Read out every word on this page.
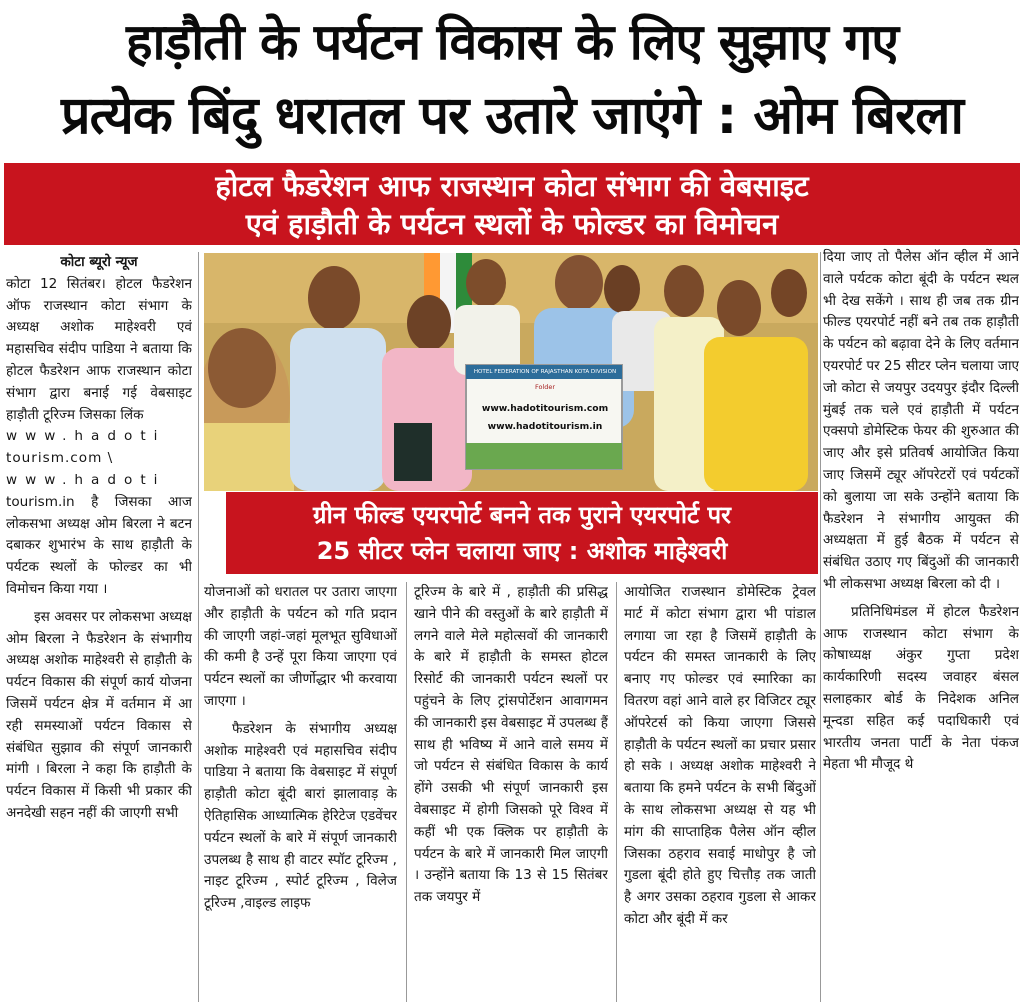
हाड़ौती के पर्यटन विकास के लिए सुझाए गए
प्रत्येक बिंदु धरातल पर उतारे जाएंगे : ओम बिरला
होटल फैडरेशन आफ राजस्थान कोटा संभाग की वेबसाइट
एवं हाड़ौती के पर्यटन स्थलों के फोल्डर का विमोचन
कोटा ब्यूरो न्यूज

कोटा 12 सितंबर। होटल फैडरेशन ऑफ राजस्थान कोटा संभाग के अध्यक्ष अशोक माहेश्वरी एवं महासचिव संदीप पाडिया ने बताया कि होटल फैडरेशन आफ राजस्थान कोटा संभाग द्वारा बनाई गई वेबसाइट हाड़ौती टूरिज्म जिसका लिंक
www.hadoti
tourism.com \
www.hadoti
tourism.in है जिसका आज लोकसभा अध्यक्ष ओम बिरला ने बटन दबाकर शुभारंभ के साथ हाड़ौती के पर्यटक स्थलों के फोल्डर का भी विमोचन किया गया ।

इस अवसर पर लोकसभा अध्यक्ष ओम बिरला ने फैडरेशन के संभागीय अध्यक्ष अशोक माहेश्वरी से हाड़ौती के पर्यटन विकास की संपूर्ण कार्य योजना जिसमें पर्यटन क्षेत्र में वर्तमान में आ रही समस्याओं पर्यटन विकास से संबंधित सुझाव की संपूर्ण जानकारी मांगी । बिरला ने कहा कि हाड़ौती के पर्यटन विकास में किसी भी प्रकार की अनदेखी सहन नहीं की जाएगी सभी

HOTEL FEDERATION OF RAJASTHAN KOTA DIVISION
Folder
www.hadotitourism.com
www.hadotitourism.in
ग्रीन फील्ड एयरपोर्ट बनने तक पुराने एयरपोर्ट पर
25 सीटर प्लेन चलाया जाए : अशोक माहेश्वरी

योजनाओं को धरातल पर उतारा जाएगा और हाड़ौती के पर्यटन को गति प्रदान की जाएगी जहां-जहां मूलभूत सुविधाओं की कमी है उन्हें पूरा किया जाएगा एवं पर्यटन स्थलों का जीर्णोद्धार भी करवाया जाएगा ।

फैडरेशन के संभागीय अध्यक्ष अशोक माहेश्वरी एवं महासचिव संदीप पाडिया ने बताया कि वेबसाइट में संपूर्ण हाड़ौती कोटा बूंदी बारां झालावाड़ के ऐतिहासिक आध्यात्मिक हेरिटेज एडवेंचर पर्यटन स्थलों के बारे में संपूर्ण जानकारी उपलब्ध है साथ ही वाटर स्पॉट टूरिज्म , नाइट टूरिज्म , स्पोर्ट टूरिज्म , विलेज टूरिज्म ,वाइल्ड लाइफ

टूरिज्म के बारे में , हाड़ौती की प्रसिद्ध खाने पीने की वस्तुओं के बारे हाड़ौती में लगने वाले मेले महोत्सवों की जानकारी के बारे में हाड़ौती के समस्त होटल रिसोर्ट की जानकारी पर्यटन स्थलों पर पहुंचने के लिए ट्रांसपोर्टेशन आवागमन की जानकारी इस वेबसाइट में उपलब्ध हैं साथ ही भविष्य में आने वाले समय में जो पर्यटन से संबंधित विकास के कार्य होंगे उसकी भी संपूर्ण जानकारी इस वेबसाइट में होगी जिसको पूरे विश्व में कहीं भी एक क्लिक पर हाड़ौती के पर्यटन के बारे में जानकारी मिल जाएगी । उन्होंने बताया कि 13 से 15 सितंबर तक जयपुर में

आयोजित राजस्थान डोमेस्टिक ट्रेवल मार्ट में कोटा संभाग द्वारा भी पांडाल लगाया जा रहा है जिसमें हाड़ौती के पर्यटन की समस्त जानकारी के लिए बनाए गए फोल्डर एवं स्मारिका का वितरण वहां आने वाले हर विजिटर ट्यूर ऑपरेटर्स को किया जाएगा जिससे हाड़ौती के पर्यटन स्थलों का प्रचार प्रसार हो सके । अध्यक्ष अशोक माहेश्वरी ने बताया कि हमने पर्यटन के सभी बिंदुओं के साथ लोकसभा अध्यक्ष से यह भी मांग की साप्ताहिक पैलेस ऑन व्हील जिसका ठहराव सवाई माधोपुर है जो गुडला बूंदी होते हुए चित्तौड़ तक जाती है अगर उसका ठहराव गुडला से आकर कोटा और बूंदी में कर

दिया जाए तो पैलेस ऑन व्हील में आने वाले पर्यटक कोटा बूंदी के पर्यटन स्थल भी देख सकेंगे । साथ ही जब तक ग्रीन फील्ड एयरपोर्ट नहीं बने तब तक हाड़ौती के पर्यटन को बढ़ावा देने के लिए वर्तमान एयरपोर्ट पर 25 सीटर प्लेन चलाया जाए जो कोटा से जयपुर उदयपुर इंदौर दिल्ली मुंबई तक चले एवं हाड़ौती में पर्यटन एक्सपो डोमेस्टिक फेयर की शुरुआत की जाए और इसे प्रतिवर्ष आयोजित किया जाए जिसमें ट्यूर ऑपरेटरों एवं पर्यटकों को बुलाया जा सके उन्होंने बताया कि फैडरेशन ने संभागीय आयुक्त की अध्यक्षता में हुई बैठक में पर्यटन से संबंधित उठाए गए बिंदुओं की जानकारी भी लोकसभा अध्यक्ष बिरला को दी ।

प्रतिनिधिमंडल में होटल फैडरेशन आफ राजस्थान कोटा संभाग के कोषाध्यक्ष अंकुर गुप्ता प्रदेश कार्यकारिणी सदस्य जवाहर बंसल सलाहकार बोर्ड के निदेशक अनिल मून्दडा सहित कई पदाधिकारी एवं भारतीय जनता पार्टी के नेता पंकज मेहता भी मौजूद थे
